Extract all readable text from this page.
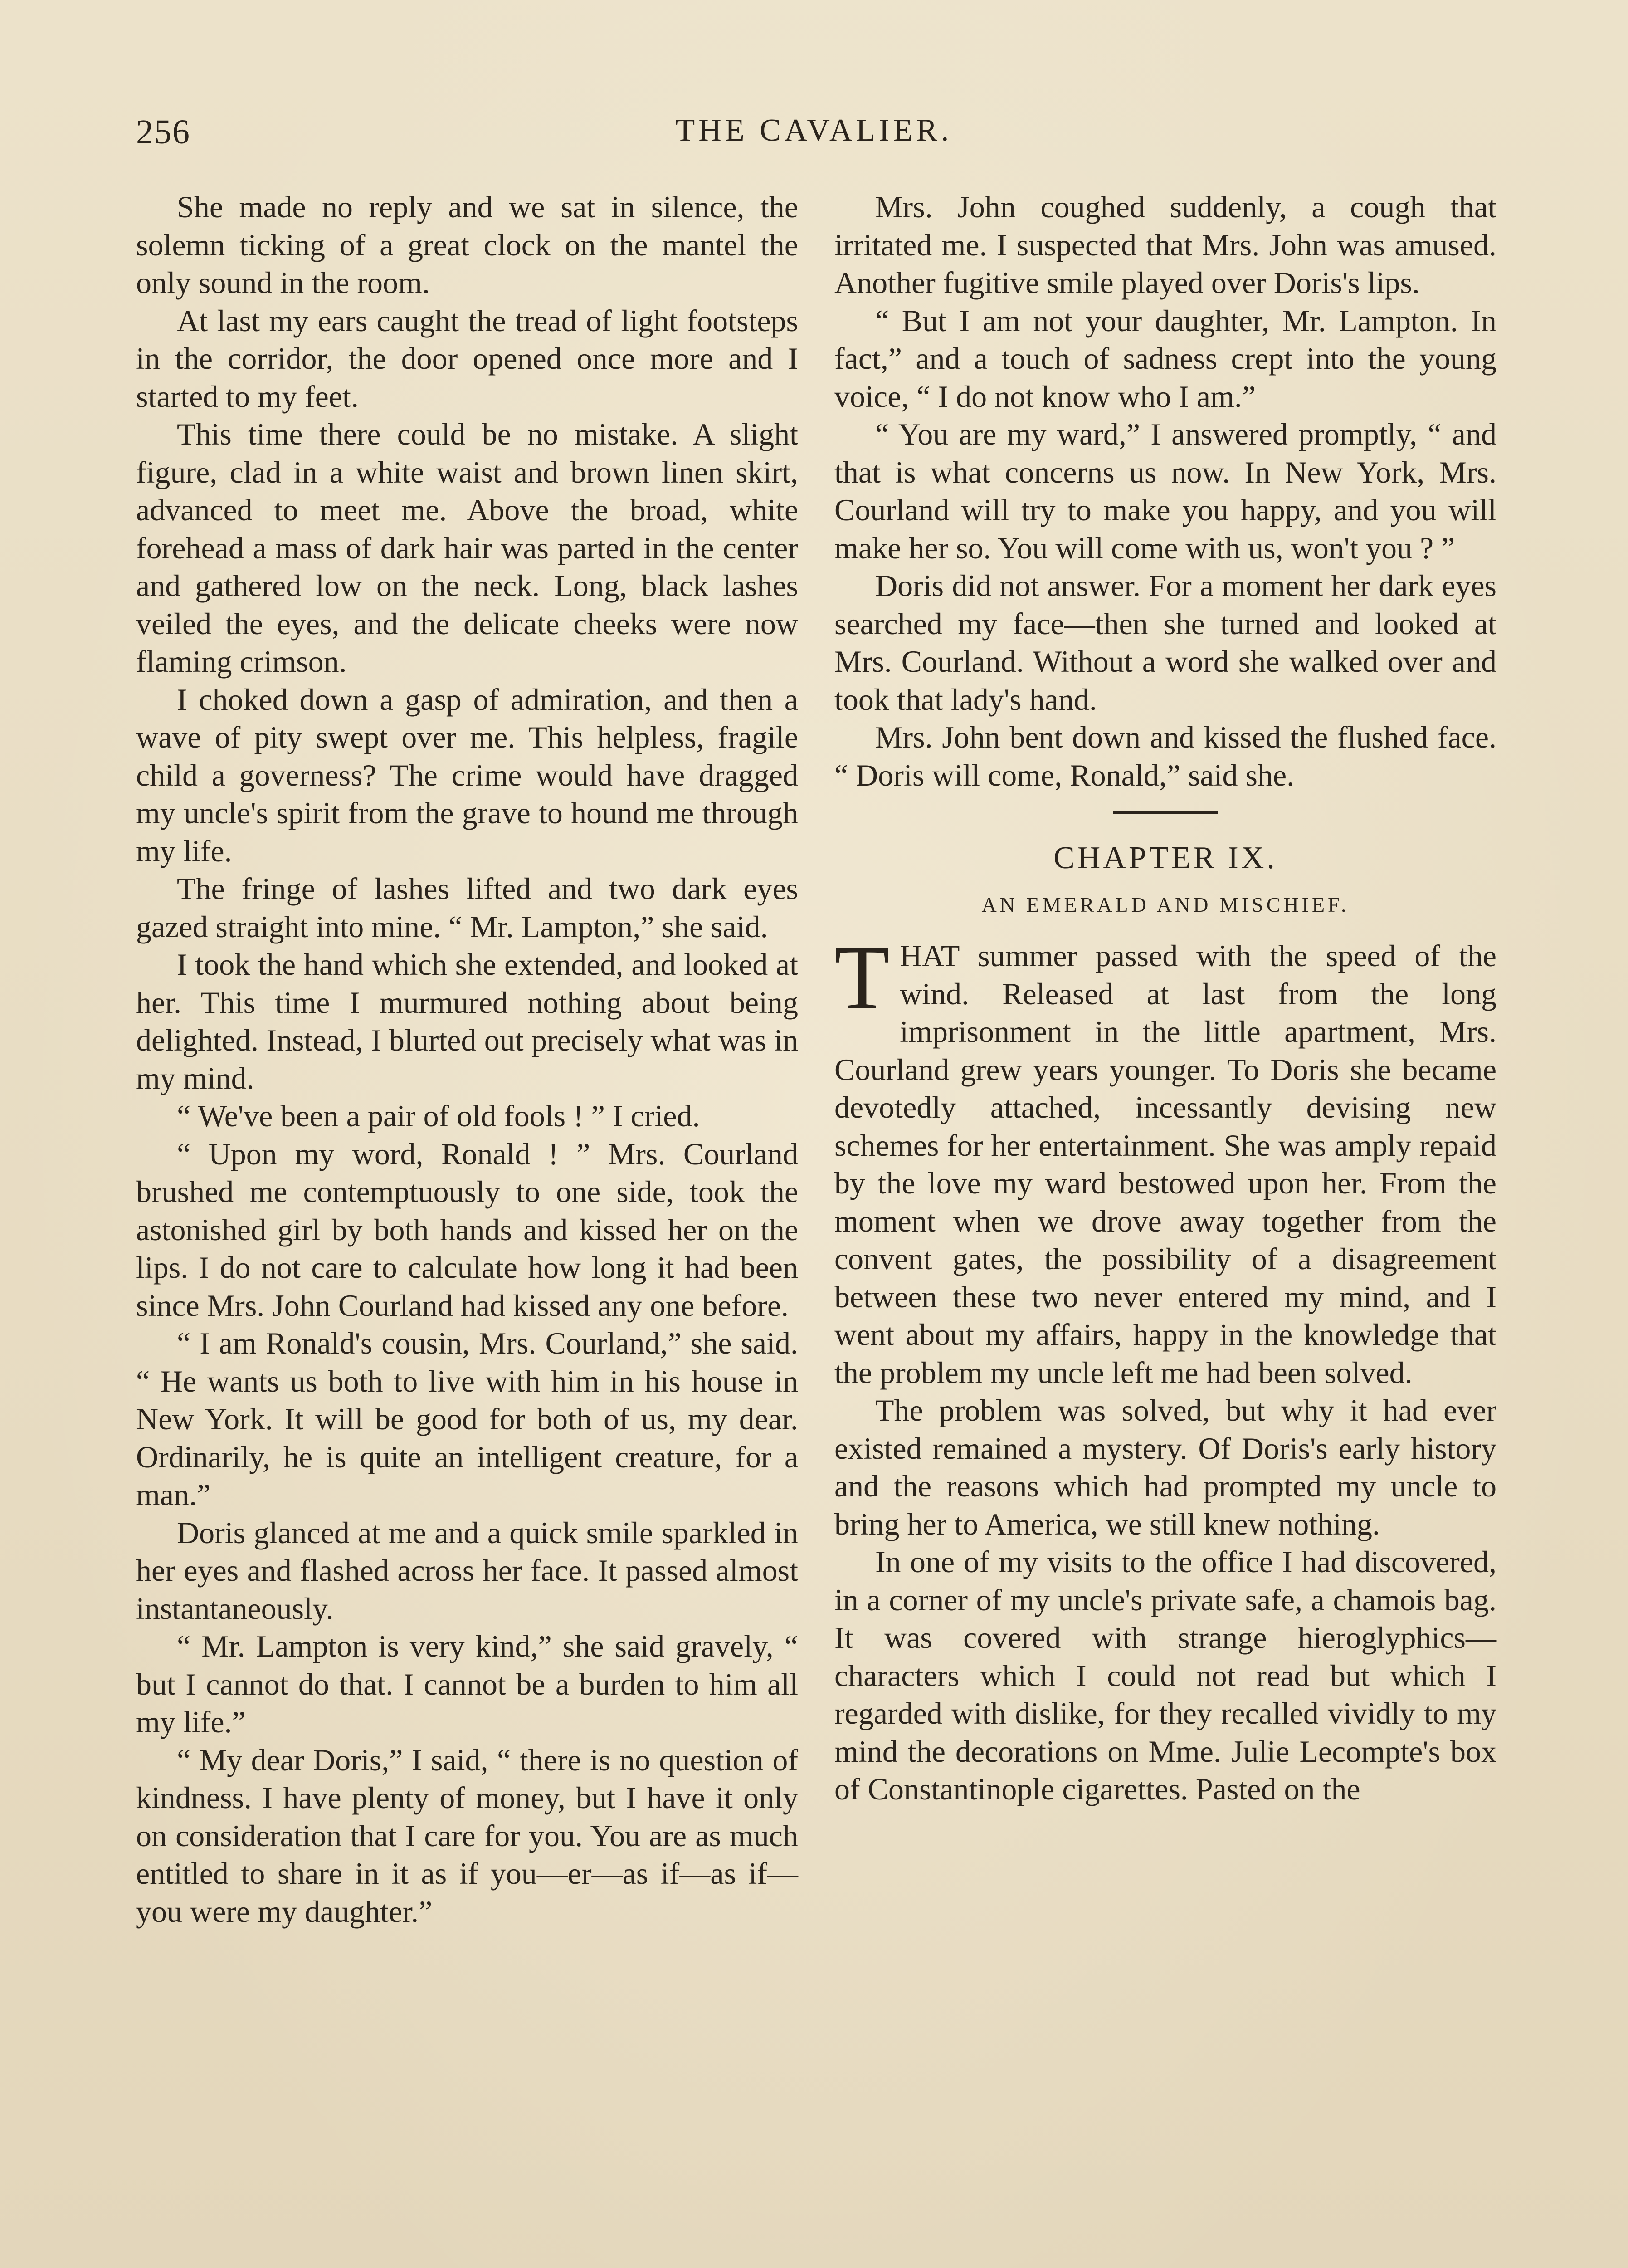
256	THE CAVALIER.

She made no reply and we sat in silence, the solemn ticking of a great clock on the mantel the only sound in the room.

At last my ears caught the tread of light footsteps in the corridor, the door opened once more and I started to my feet.

This time there could be no mistake. A slight figure, clad in a white waist and brown linen skirt, advanced to meet me. Above the broad, white forehead a mass of dark hair was parted in the center and gathered low on the neck. Long, black lashes veiled the eyes, and the delicate cheeks were now flaming crimson.

I choked down a gasp of admiration, and then a wave of pity swept over me. This helpless, fragile child a governess? The crime would have dragged my uncle's spirit from the grave to hound me through my life.

The fringe of lashes lifted and two dark eyes gazed straight into mine. “ Mr. Lampton,” she said.

I took the hand which she extended, and looked at her. This time I murmured nothing about being delighted. Instead, I blurted out precisely what was in my mind.

“ We've been a pair of old fools ! ” I cried.

“ Upon my word, Ronald ! ” Mrs. Courland brushed me contemptuously to one side, took the astonished girl by both hands and kissed her on the lips. I do not care to calculate how long it had been since Mrs. John Courland had kissed any one before.

“ I am Ronald's cousin, Mrs. Courland,” she said. “ He wants us both to live with him in his house in New York. It will be good for both of us, my dear. Ordinarily, he is quite an intelligent creature, for a man.”

Doris glanced at me and a quick smile sparkled in her eyes and flashed across her face. It passed almost instantaneously.

“ Mr. Lampton is very kind,” she said gravely, “ but I cannot do that. I cannot be a burden to him all my life.”

“ My dear Doris,” I said, “ there is no question of kindness. I have plenty of money, but I have it only on consideration that I care for you. You are as much entitled to share in it as if you—er—as if—as if—you were my daughter.”

Mrs. John coughed suddenly, a cough that irritated me. I suspected that Mrs. John was amused. Another fugitive smile played over Doris's lips.

“ But I am not your daughter, Mr. Lampton. In fact,” and a touch of sadness crept into the young voice, “ I do not know who I am.”

“ You are my ward,” I answered promptly, “ and that is what concerns us now. In New York, Mrs. Courland will try to make you happy, and you will make her so. You will come with us, won't you ? ”

Doris did not answer. For a moment her dark eyes searched my face—then she turned and looked at Mrs. Courland. Without a word she walked over and took that lady's hand.

Mrs. John bent down and kissed the flushed face. “ Doris will come, Ronald,” said she.

CHAPTER IX.
AN EMERALD AND MISCHIEF.

THAT summer passed with the speed of the wind. Released at last from the long imprisonment in the little apartment, Mrs. Courland grew years younger. To Doris she became devotedly attached, incessantly devising new schemes for her entertainment. She was amply repaid by the love my ward bestowed upon her. From the moment when we drove away together from the convent gates, the possibility of a disagreement between these two never entered my mind, and I went about my affairs, happy in the knowledge that the problem my uncle left me had been solved.

The problem was solved, but why it had ever existed remained a mystery. Of Doris's early history and the reasons which had prompted my uncle to bring her to America, we still knew nothing.

In one of my visits to the office I had discovered, in a corner of my uncle's private safe, a chamois bag. It was covered with strange hieroglyphics—characters which I could not read but which I regarded with dislike, for they recalled vividly to my mind the decorations on Mme. Julie Lecompte's box of Constantinople cigarettes. Pasted on the
